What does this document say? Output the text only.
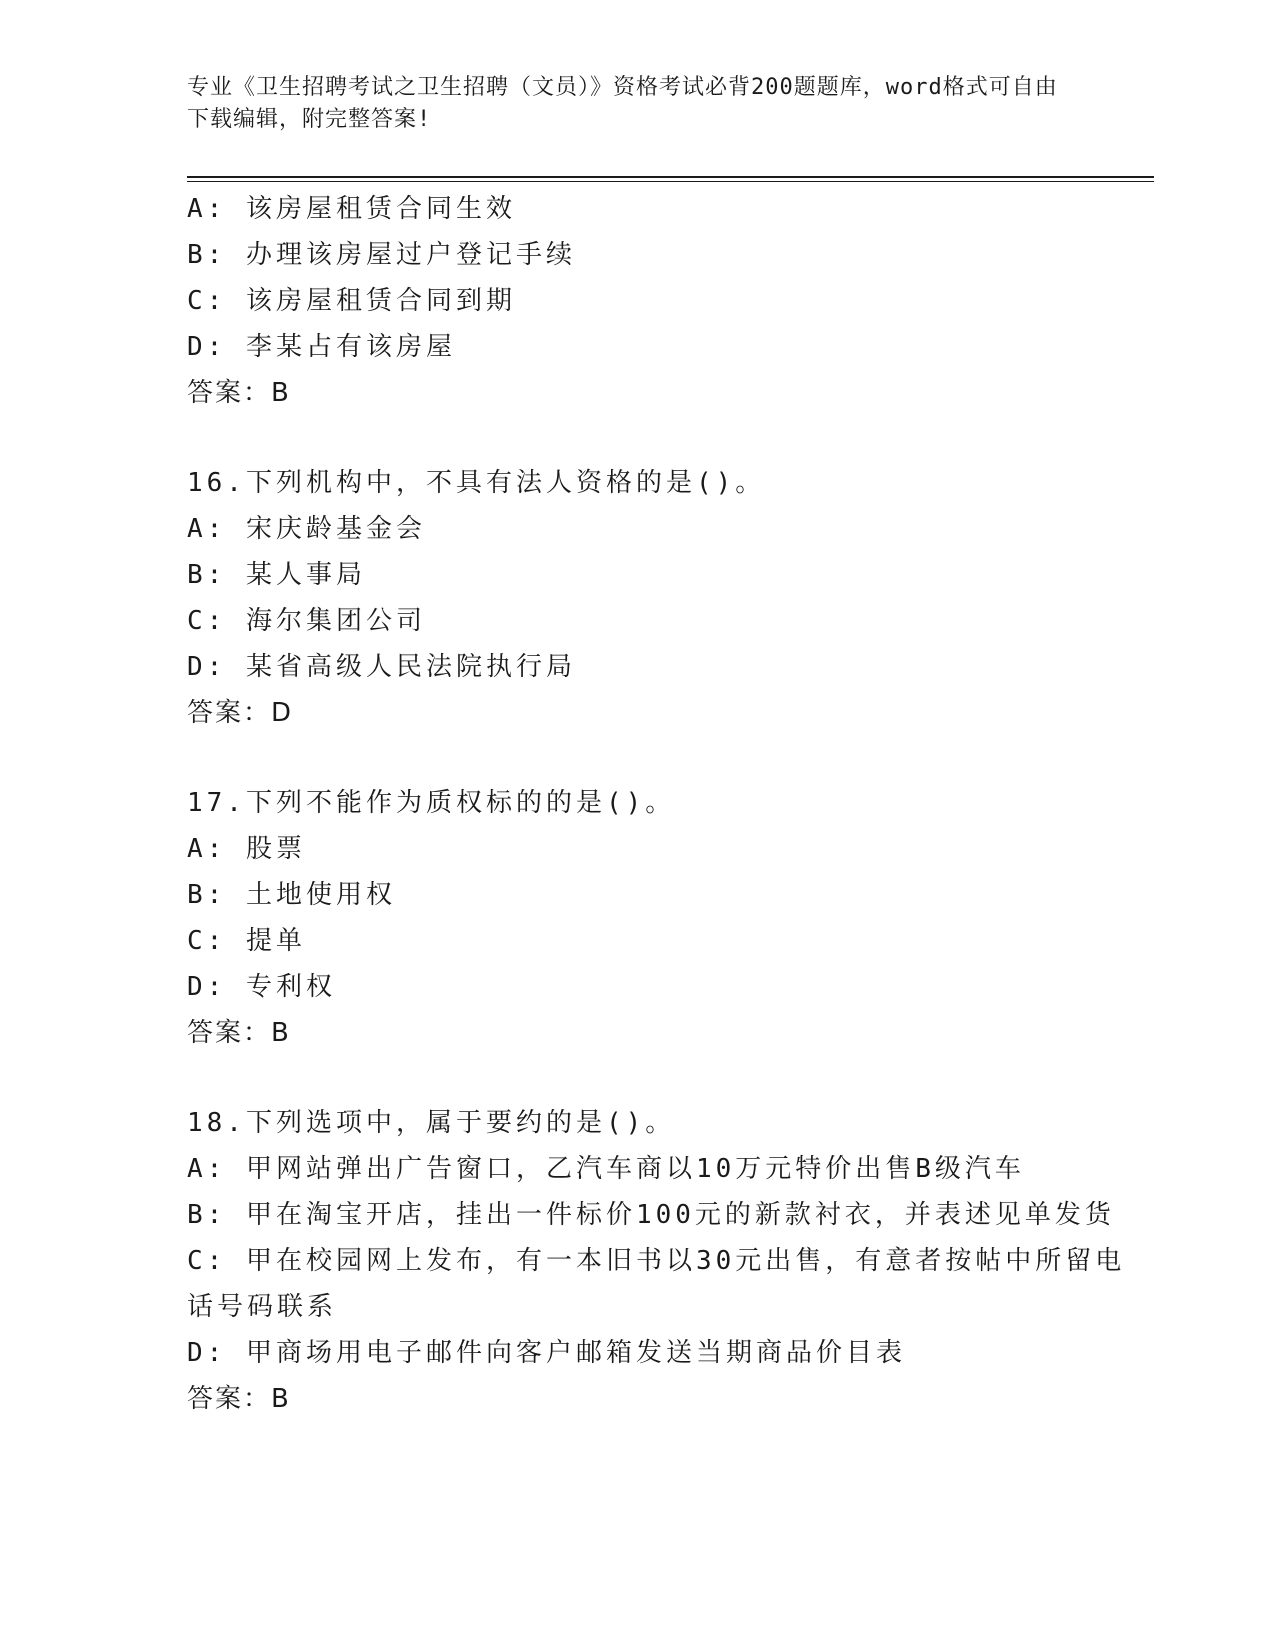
专业《卫生招聘考试之卫生招聘（文员）》资格考试必背200题题库，word格式可自由下载编辑，附完整答案!
A: 该房屋租赁合同生效
B: 办理该房屋过户登记手续
C: 该房屋租赁合同到期
D: 李某占有该房屋
答案：B
16.下列机构中，不具有法人资格的是()。
A: 宋庆龄基金会
B: 某人事局
C: 海尔集团公司
D: 某省高级人民法院执行局
答案：D
17.下列不能作为质权标的的是()。
A: 股票
B: 土地使用权
C: 提单
D: 专利权
答案：B
18.下列选项中，属于要约的是()。
A: 甲网站弹出广告窗口，乙汽车商以10万元特价出售B级汽车
B: 甲在淘宝开店，挂出一件标价100元的新款衬衣，并表述见单发货
C: 甲在校园网上发布，有一本旧书以30元出售，有意者按帖中所留电话号码联系
D: 甲商场用电子邮件向客户邮箱发送当期商品价目表
答案：B
